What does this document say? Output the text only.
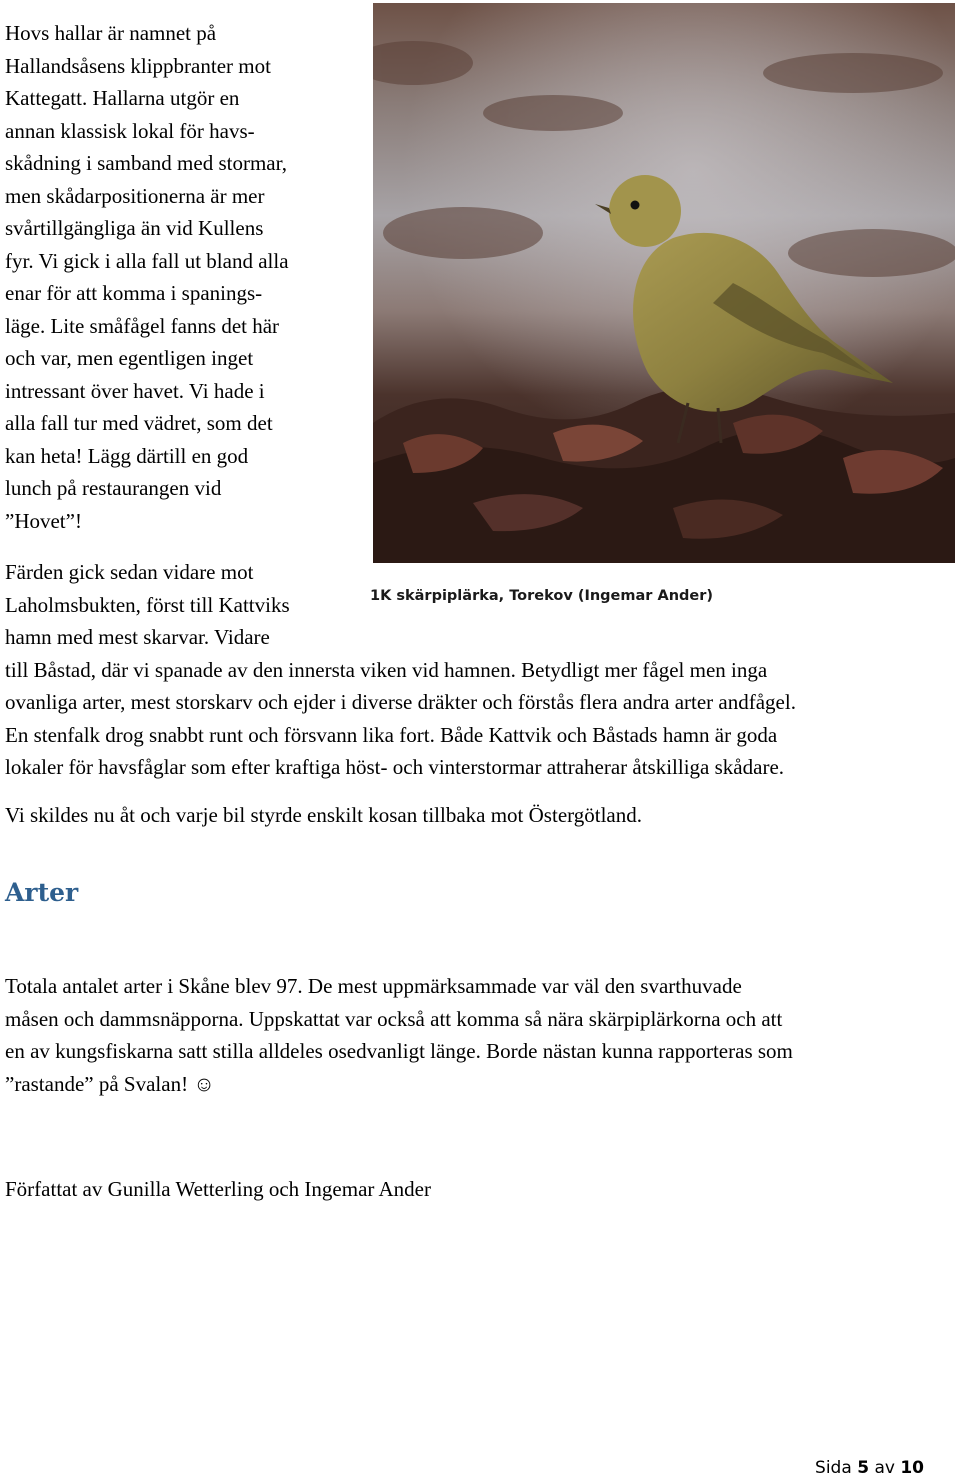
Hovs hallar är namnet på
Hallandsåsens klippbranter mot
Kattegatt. Hallarna utgör en
annan klassisk lokal för havs-
skådning i samband med stormar,
men skådarpositionerna är mer
svårtillgängliga än vid Kullens
fyr. Vi gick i alla fall ut bland alla
enar för att komma i spanings-
läge. Lite småfågel fanns det här
och var, men egentligen inget
intressant över havet. Vi hade i
alla fall tur med vädret, som det
kan heta! Lägg därtill en god
lunch på restaurangen vid
”Hovet”!
1K skärpiplärka, Torekov (Ingemar Ander)
Färden gick sedan vidare mot
Laholmsbukten, först till Kattviks
hamn med mest skarvar. Vidare
till Båstad, där vi spanade av den innersta viken vid hamnen. Betydligt mer fågel men inga
ovanliga arter, mest storskarv och ejder i diverse dräkter och förstås flera andra arter andfågel.
En stenfalk drog snabbt runt och försvann lika fort. Både Kattvik och Båstads hamn är goda
lokaler för havsfåglar som efter kraftiga höst- och vinterstormar attraherar åtskilliga skådare.

Vi skildes nu åt och varje bil styrde enskilt kosan tillbaka mot Östergötland.

Arter
Totala antalet arter i Skåne blev 97. De mest uppmärksammade var väl den svarthuvade
måsen och dammsnäpporna. Uppskattat var också att komma så nära skärpiplärkorna och att
en av kungsfiskarna satt stilla alldeles osedvanligt länge. Borde nästan kunna rapporteras som
”rastande” på Svalan! ☺

Författat av Gunilla Wetterling och Ingemar Ander

Sida 5 av 10
